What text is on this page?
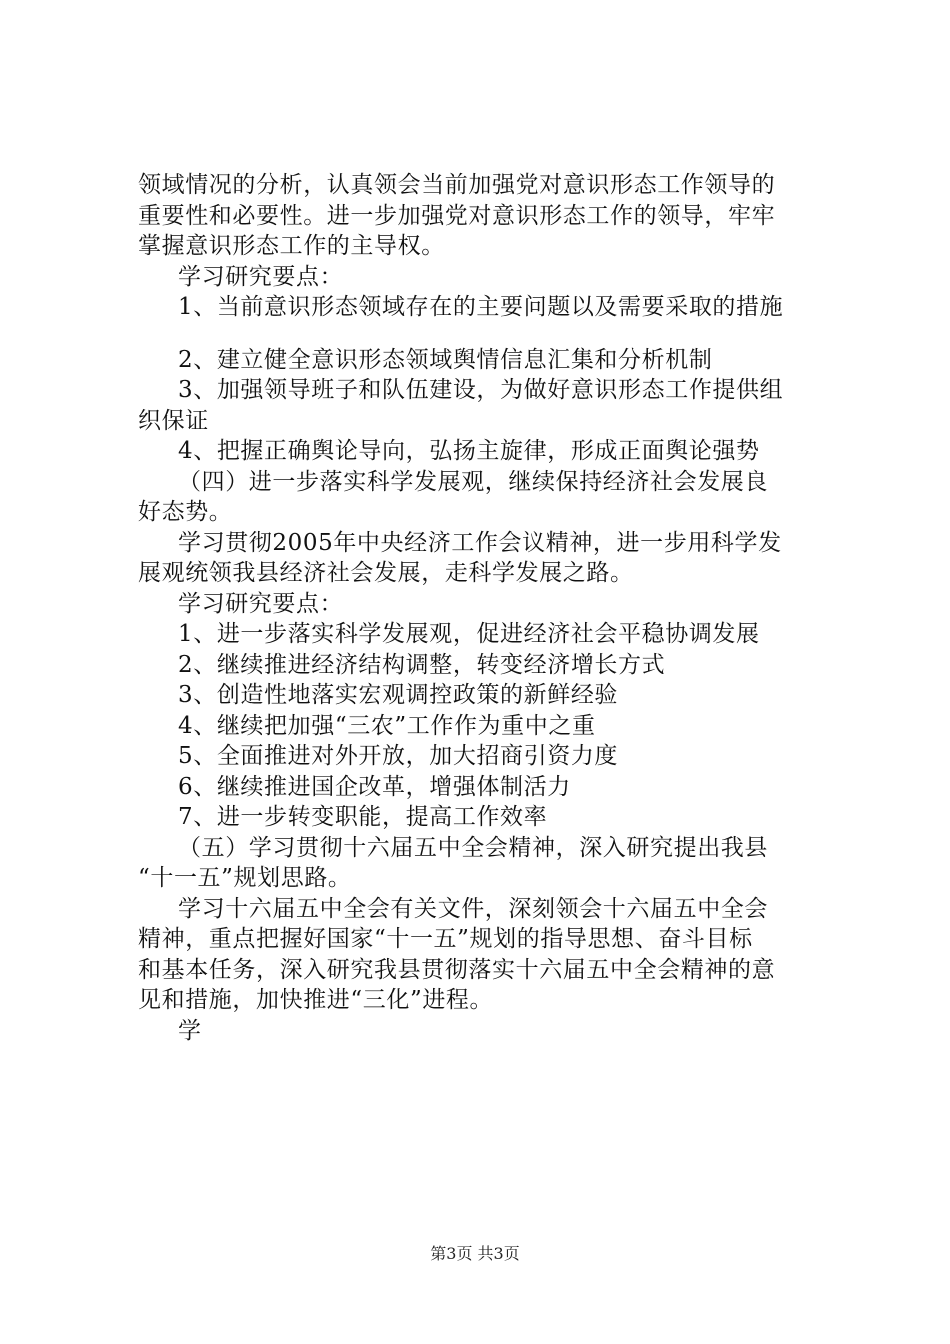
领域情况的分析，认真领会当前加强党对意识形态工作领导的
重要性和必要性。进一步加强党对意识形态工作的领导，牢牢
掌握意识形态工作的主导权。
学习研究要点：
1、当前意识形态领域存在的主要问题以及需要采取的措施
2、建立健全意识形态领域舆情信息汇集和分析机制
3、加强领导班子和队伍建设，为做好意识形态工作提供组
织保证
4、把握正确舆论导向，弘扬主旋律，形成正面舆论强势
（四）进一步落实科学发展观，继续保持经济社会发展良
好态势。
学习贯彻2005年中央经济工作会议精神，进一步用科学发
展观统领我县经济社会发展，走科学发展之路。
学习研究要点：
1、进一步落实科学发展观，促进经济社会平稳协调发展
2、继续推进经济结构调整，转变经济增长方式
3、创造性地落实宏观调控政策的新鲜经验
4、继续把加强“三农”工作作为重中之重
5、全面推进对外开放，加大招商引资力度
6、继续推进国企改革，增强体制活力
7、进一步转变职能，提高工作效率
（五）学习贯彻十六届五中全会精神，深入研究提出我县
“十一五”规划思路。
学习十六届五中全会有关文件，深刻领会十六届五中全会
精神，重点把握好国家“十一五”规划的指导思想、奋斗目标
和基本任务，深入研究我县贯彻落实十六届五中全会精神的意
见和措施，加快推进“三化”进程。
学
第3页 共3页
